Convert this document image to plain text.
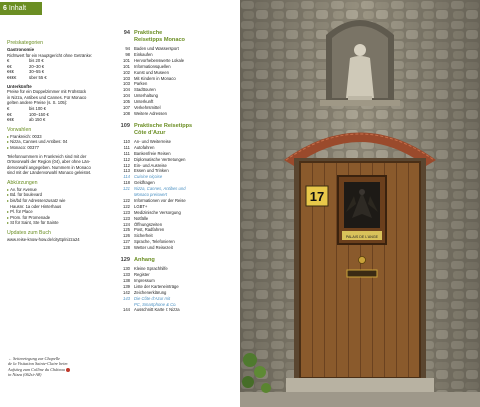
6 Inhalt
Preiskategorien
Gastronomie
Richtwert für ein Hauptgericht ohne Getränke:
€	bis 20 €
€€	20–30 €
€€€	30–55 €
€€€€	über 55 €
Unterkünfte
Preise für ein Doppelzimmer mit Frühstück
in Nizza, Antibes und Cannes. Für Monaco
gelten andere Preise (s. S. 105):
€	bis 100 €
€€	100–150 €
€€€	ab 150 €
Vorwahlen
▸Frankreich: 0033
▸Nizza, Cannes und Antibes: 04
▸Monaco: 00377
Telefonnummern in Frankreich sind mit der
Ortsvorwahl der Region (04), aber ohne Län-
dervorwahl angegeben. Nummern in Monaco
sind mit der Ländervorwahl Monaco geleistet.
Abkürzungen
▸Av. für Avenue
▸Bd. für boulevard
▸bis/bd für Adressenzusatz wie
Hausnr. 1a oder Hinterhaus
▸Pl. für Place
▸Prom. für Promenade
▸St für Saint, Ste für Sainte
Updates zum Buch
www.reise-know-how.de/cityttp/nizza24
94 Praktische
Reisetipps Monaco
94 Baden und Wassersport
98 Einkaufen
101 Hervorhebenswerte Lokale
101 Informationsquellen
102 Kunst und Museen
103 Mit Kindern in Monaco
103 Parken
104 Stadttouren
104 Unterhaltung
105 Unterkunft
107 Verkehrsmittel
108 Weitere Adressen
109 Praktische Reisetipps
Côte d’Azur
110 An- und Weiterreise
111 Autofahren
111 Bankenfreie Reisen
112 Diplomatische Vertretungen
112 Ein- und Ausreise
113 Essen und Trinken
114 Cuisine niçoise
118 Geldfragen
121 Nizza, Cannes, Antibes und
Monaco preiswert
122 Informationen vor der Reise
122 LGBT+
123 Medizinische Versorgung
123 Notfälle
124 Öffnungszeiten
125 Post, Radfahren
126 Sicherheit
127 Sprache, Telefonieren
128 Wetter und Reisezeit
129 Anhang
130 Kleine Sprachhilfe
133 Register
138 Impressum
139 Liste der Karteneinträge
142 Zeichenerklärung
143 Die Côte d’Azur mit
PC, Smartphone & Co.
144 Ausschnitt Karte I: Nizza
←Seitenriegung zur Chapelle
de la Visitation Sainte-Claire beim
Aufstieg zum Colline du Château
in Nizza (062si-A8)
17
PALAIS DE L'ANGE
